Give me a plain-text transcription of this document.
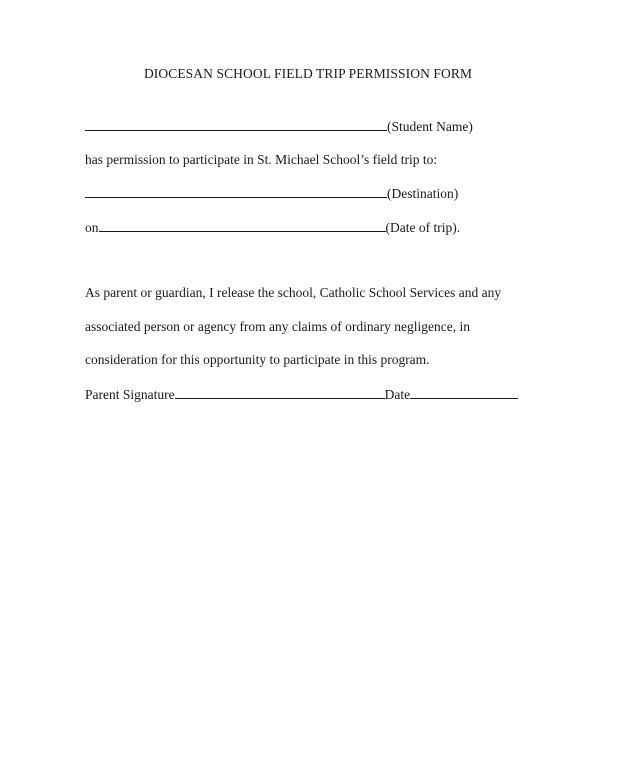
DIOCESAN SCHOOL FIELD TRIP PERMISSION FORM
(Student Name)
has permission to participate in St. Michael School’s field trip to:
(Destination)
on	(Date of trip).
As parent or guardian, I release the school, Catholic School Services and any
associated person or agency from any claims of ordinary negligence, in
consideration for this opportunity to participate in this program.
Parent Signature	Date
